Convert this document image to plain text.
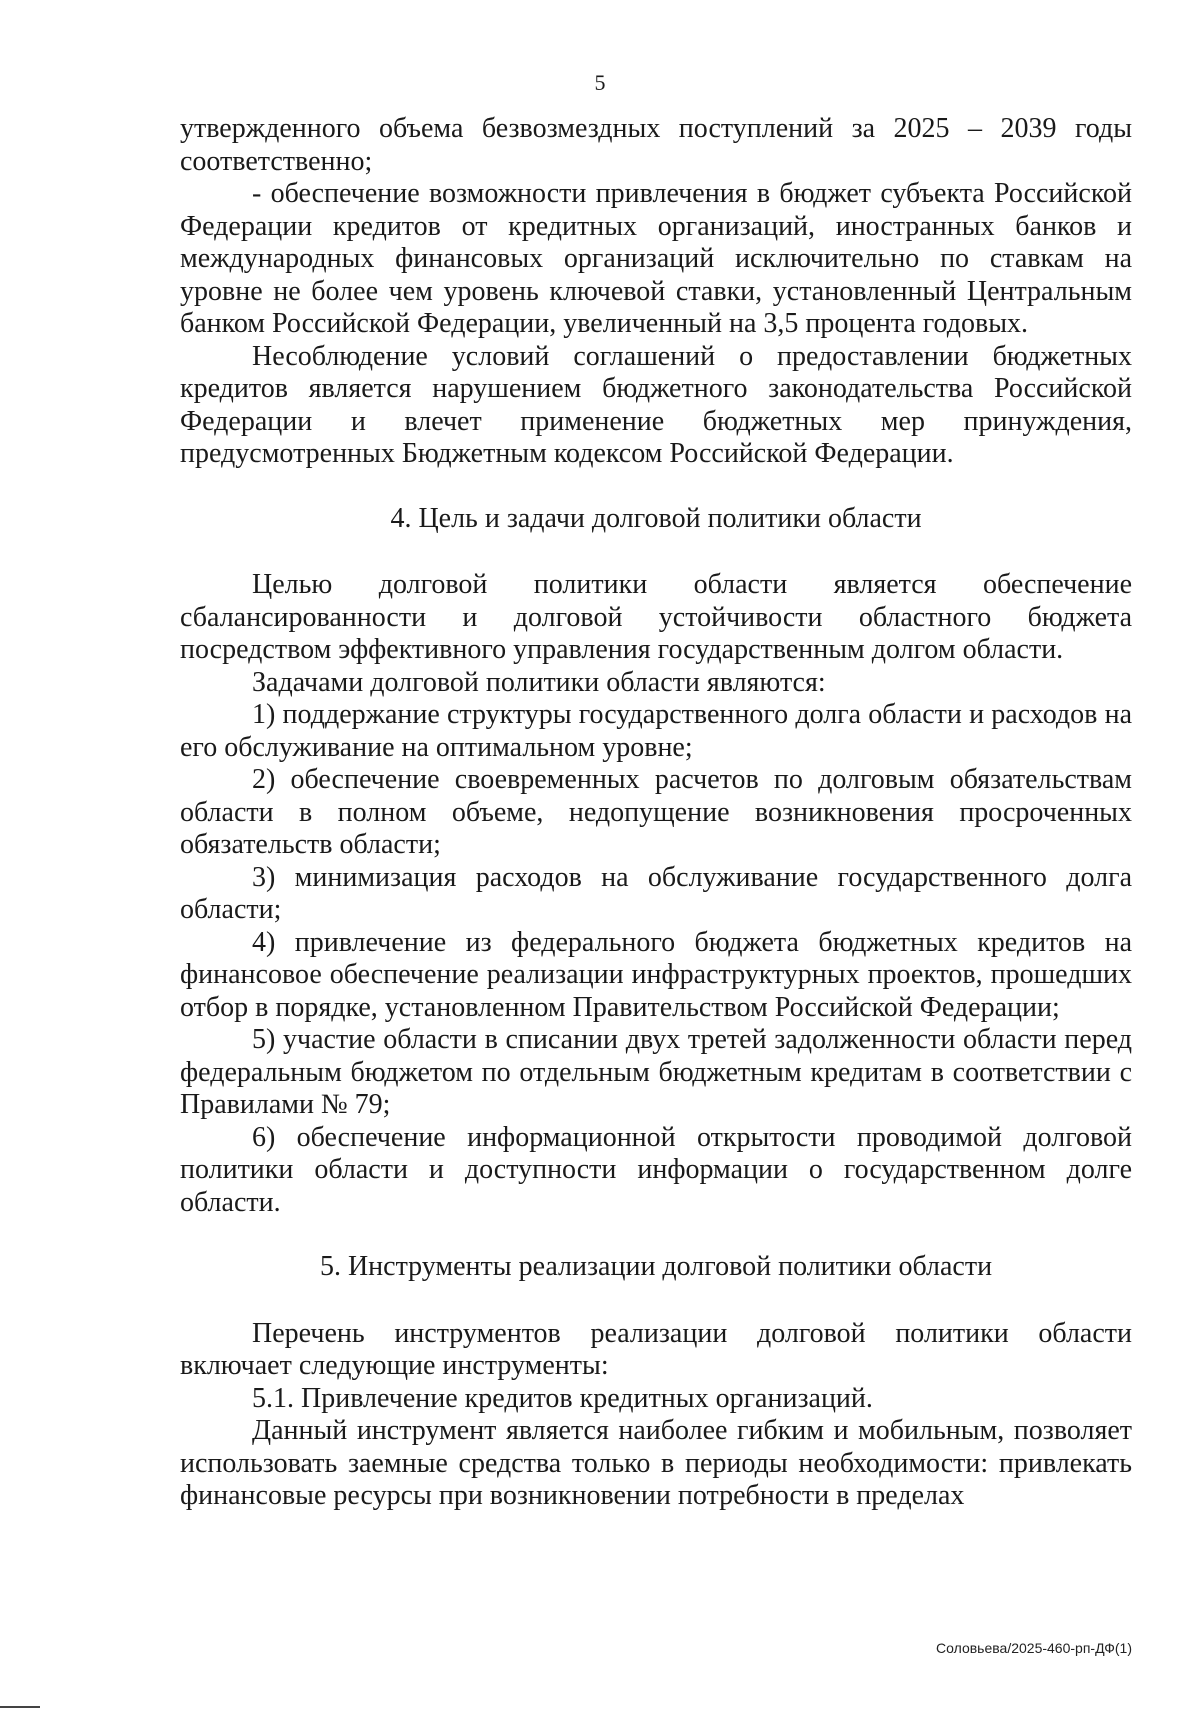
5

утвержденного объема безвозмездных поступлений за 2025 – 2039 годы соответственно;

- обеспечение возможности привлечения в бюджет субъекта Российской Федерации кредитов от кредитных организаций, иностранных банков и международных финансовых организаций исключительно по ставкам на уровне не более чем уровень ключевой ставки, установленный Центральным банком Российской Федерации, увеличенный на 3,5 процента годовых.

Несоблюдение условий соглашений о предоставлении бюджетных кредитов является нарушением бюджетного законодательства Российской Федерации и влечет применение бюджетных мер принуждения, предусмотренных Бюджетным кодексом Российской Федерации.

4. Цель и задачи долговой политики области

Целью долговой политики области является обеспечение сбалансированности и долговой устойчивости областного бюджета посредством эффективного управления государственным долгом области.

Задачами долговой политики области являются:

1) поддержание структуры государственного долга области и расходов на его обслуживание на оптимальном уровне;

2) обеспечение своевременных расчетов по долговым обязательствам области в полном объеме, недопущение возникновения просроченных обязательств области;

3) минимизация расходов на обслуживание государственного долга области;

4) привлечение из федерального бюджета бюджетных кредитов на финансовое обеспечение реализации инфраструктурных проектов, прошедших отбор в порядке, установленном Правительством Российской Федерации;

5) участие области в списании двух третей задолженности области перед федеральным бюджетом по отдельным бюджетным кредитам в соответствии с Правилами № 79;

6) обеспечение информационной открытости проводимой долговой политики области и доступности информации о государственном долге области.

5. Инструменты реализации долговой политики области

Перечень инструментов реализации долговой политики области включает следующие инструменты:

5.1. Привлечение кредитов кредитных организаций.

Данный инструмент является наиболее гибким и мобильным, позволяет использовать заемные средства только в периоды необходимости: привлекать финансовые ресурсы при возникновении потребности в пределах

Соловьева/2025-460-рп-ДФ(1)
